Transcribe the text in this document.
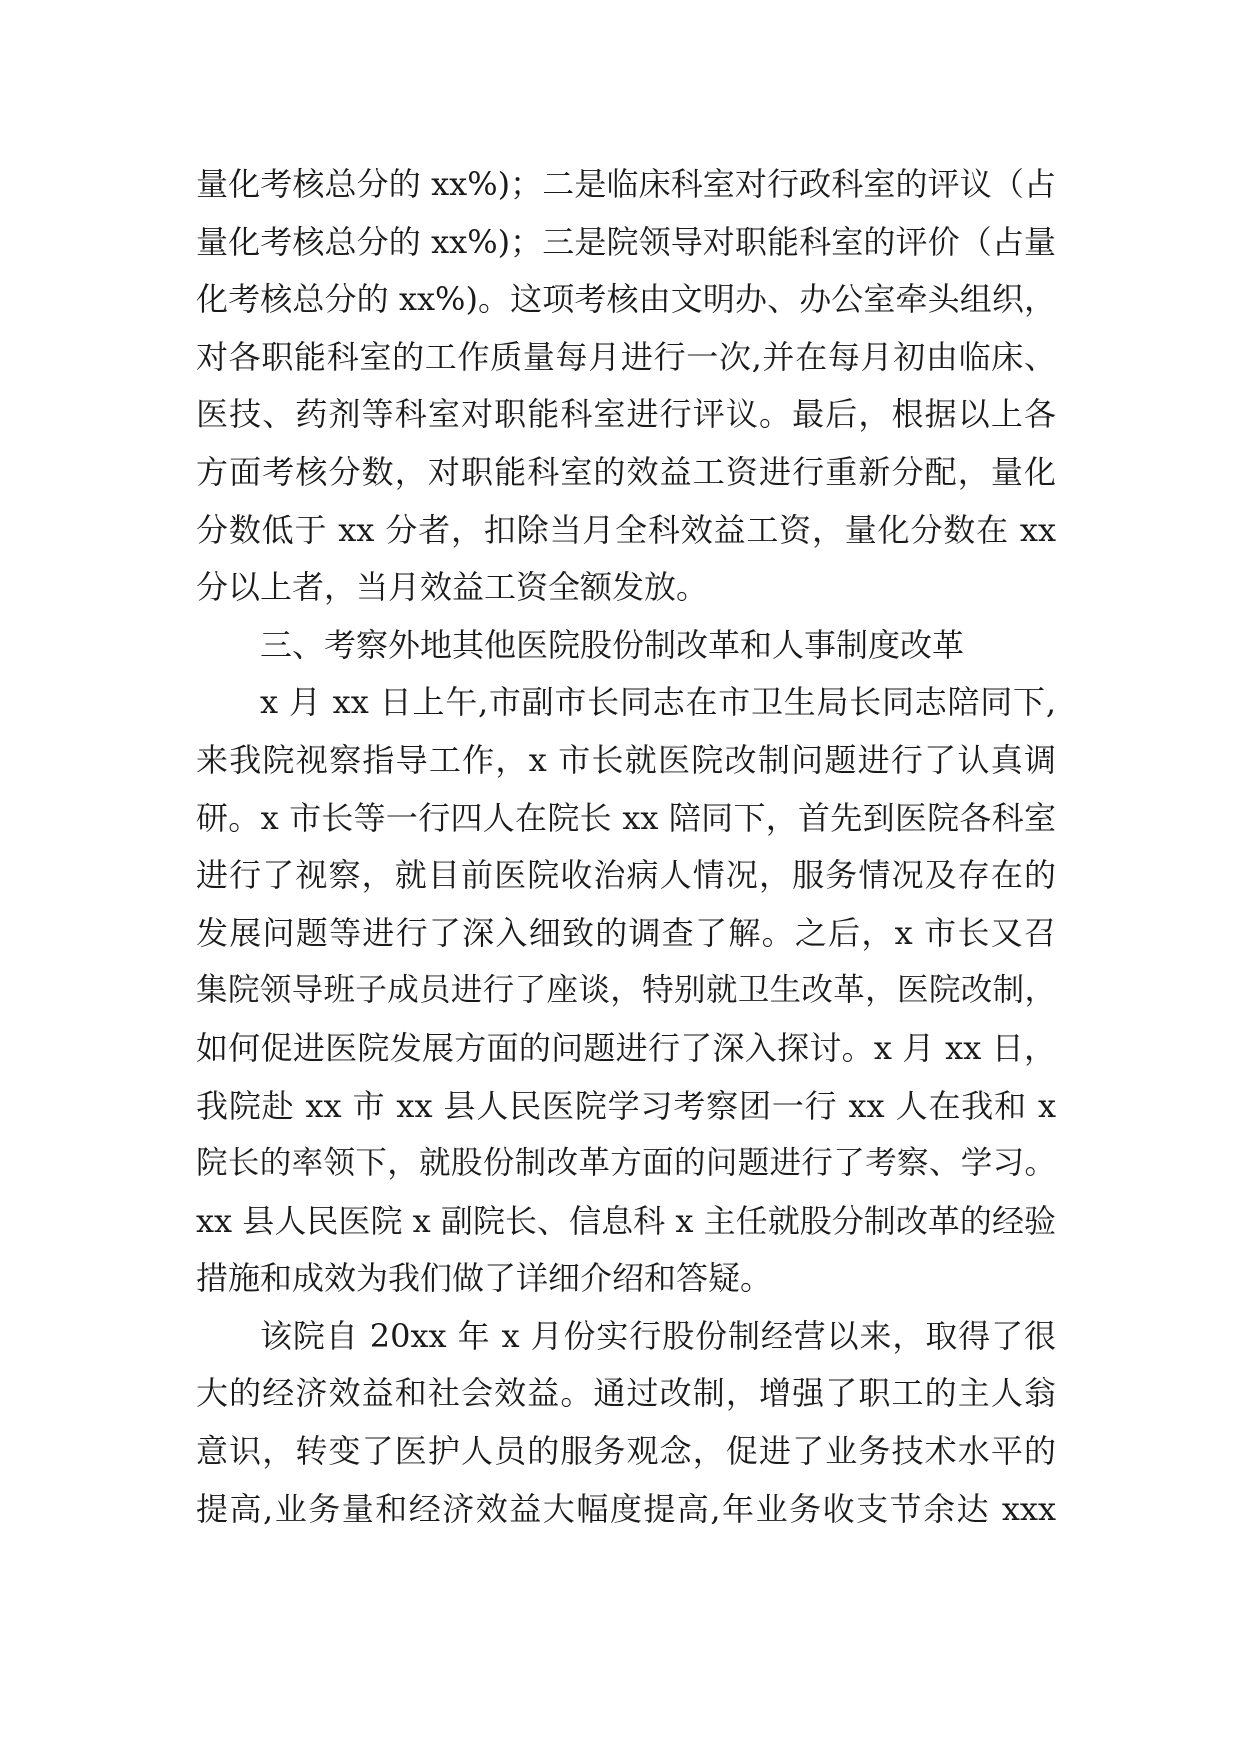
量化考核总分的 xx%)；二是临床科室对行政科室的评议（占
量化考核总分的 xx%)；三是院领导对职能科室的评价（占量
化考核总分的 xx%)。这项考核由文明办、办公室牵头组织，
对各职能科室的工作质量每月进行一次,并在每月初由临床、
医技、药剂等科室对职能科室进行评议。最后，根据以上各
方面考核分数，对职能科室的效益工资进行重新分配，量化
分数低于 xx 分者，扣除当月全科效益工资，量化分数在 xx
分以上者，当月效益工资全额发放。
三、考察外地其他医院股份制改革和人事制度改革
x 月 xx 日上午,市副市长同志在市卫生局长同志陪同下,
来我院视察指导工作，x 市长就医院改制问题进行了认真调
研。x 市长等一行四人在院长 xx 陪同下，首先到医院各科室
进行了视察，就目前医院收治病人情况，服务情况及存在的
发展问题等进行了深入细致的调查了解。之后，x 市长又召
集院领导班子成员进行了座谈，特别就卫生改革，医院改制，
如何促进医院发展方面的问题进行了深入探讨。x 月 xx 日，
我院赴 xx 市 xx 县人民医院学习考察团一行 xx 人在我和 x
院长的率领下，就股份制改革方面的问题进行了考察、学习。
xx 县人民医院 x 副院长、信息科 x 主任就股分制改革的经验
措施和成效为我们做了详细介绍和答疑。
该院自 20xx 年 x 月份实行股份制经营以来，取得了很
大的经济效益和社会效益。通过改制，增强了职工的主人翁
意识，转变了医护人员的服务观念，促进了业务技术水平的
提高,业务量和经济效益大幅度提高,年业务收支节余达 xxx
